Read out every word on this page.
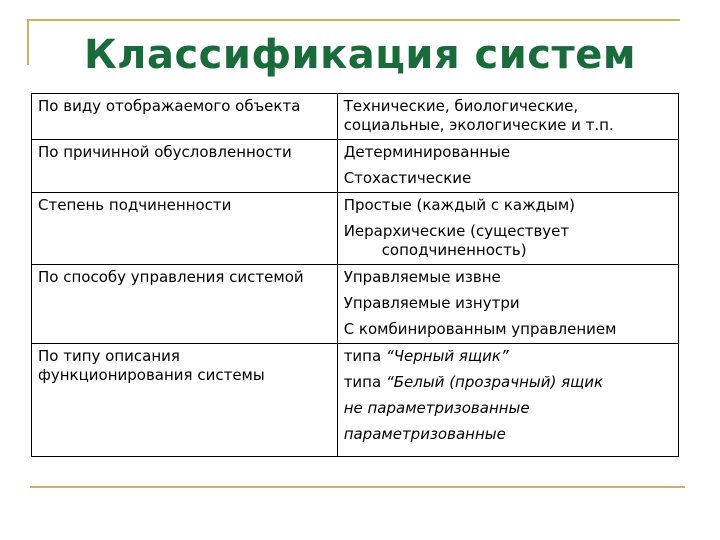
Классификация систем
По виду отображаемого объекта	Технические, биологические, социальные, экологические и т.п.

По причинной обусловленности	Детерминированные
Стохастические

Степень подчиненности	Простые (каждый с каждым)
Иерархические (существует
соподчиненность)

По способу управления системой	Управляемые извне
Управляемые изнутри
С комбинированным управлением

По типу описания функционирования системы	типа “Черный ящик”
типа “Белый (прозрачный) ящик
не параметризованные
параметризованные
